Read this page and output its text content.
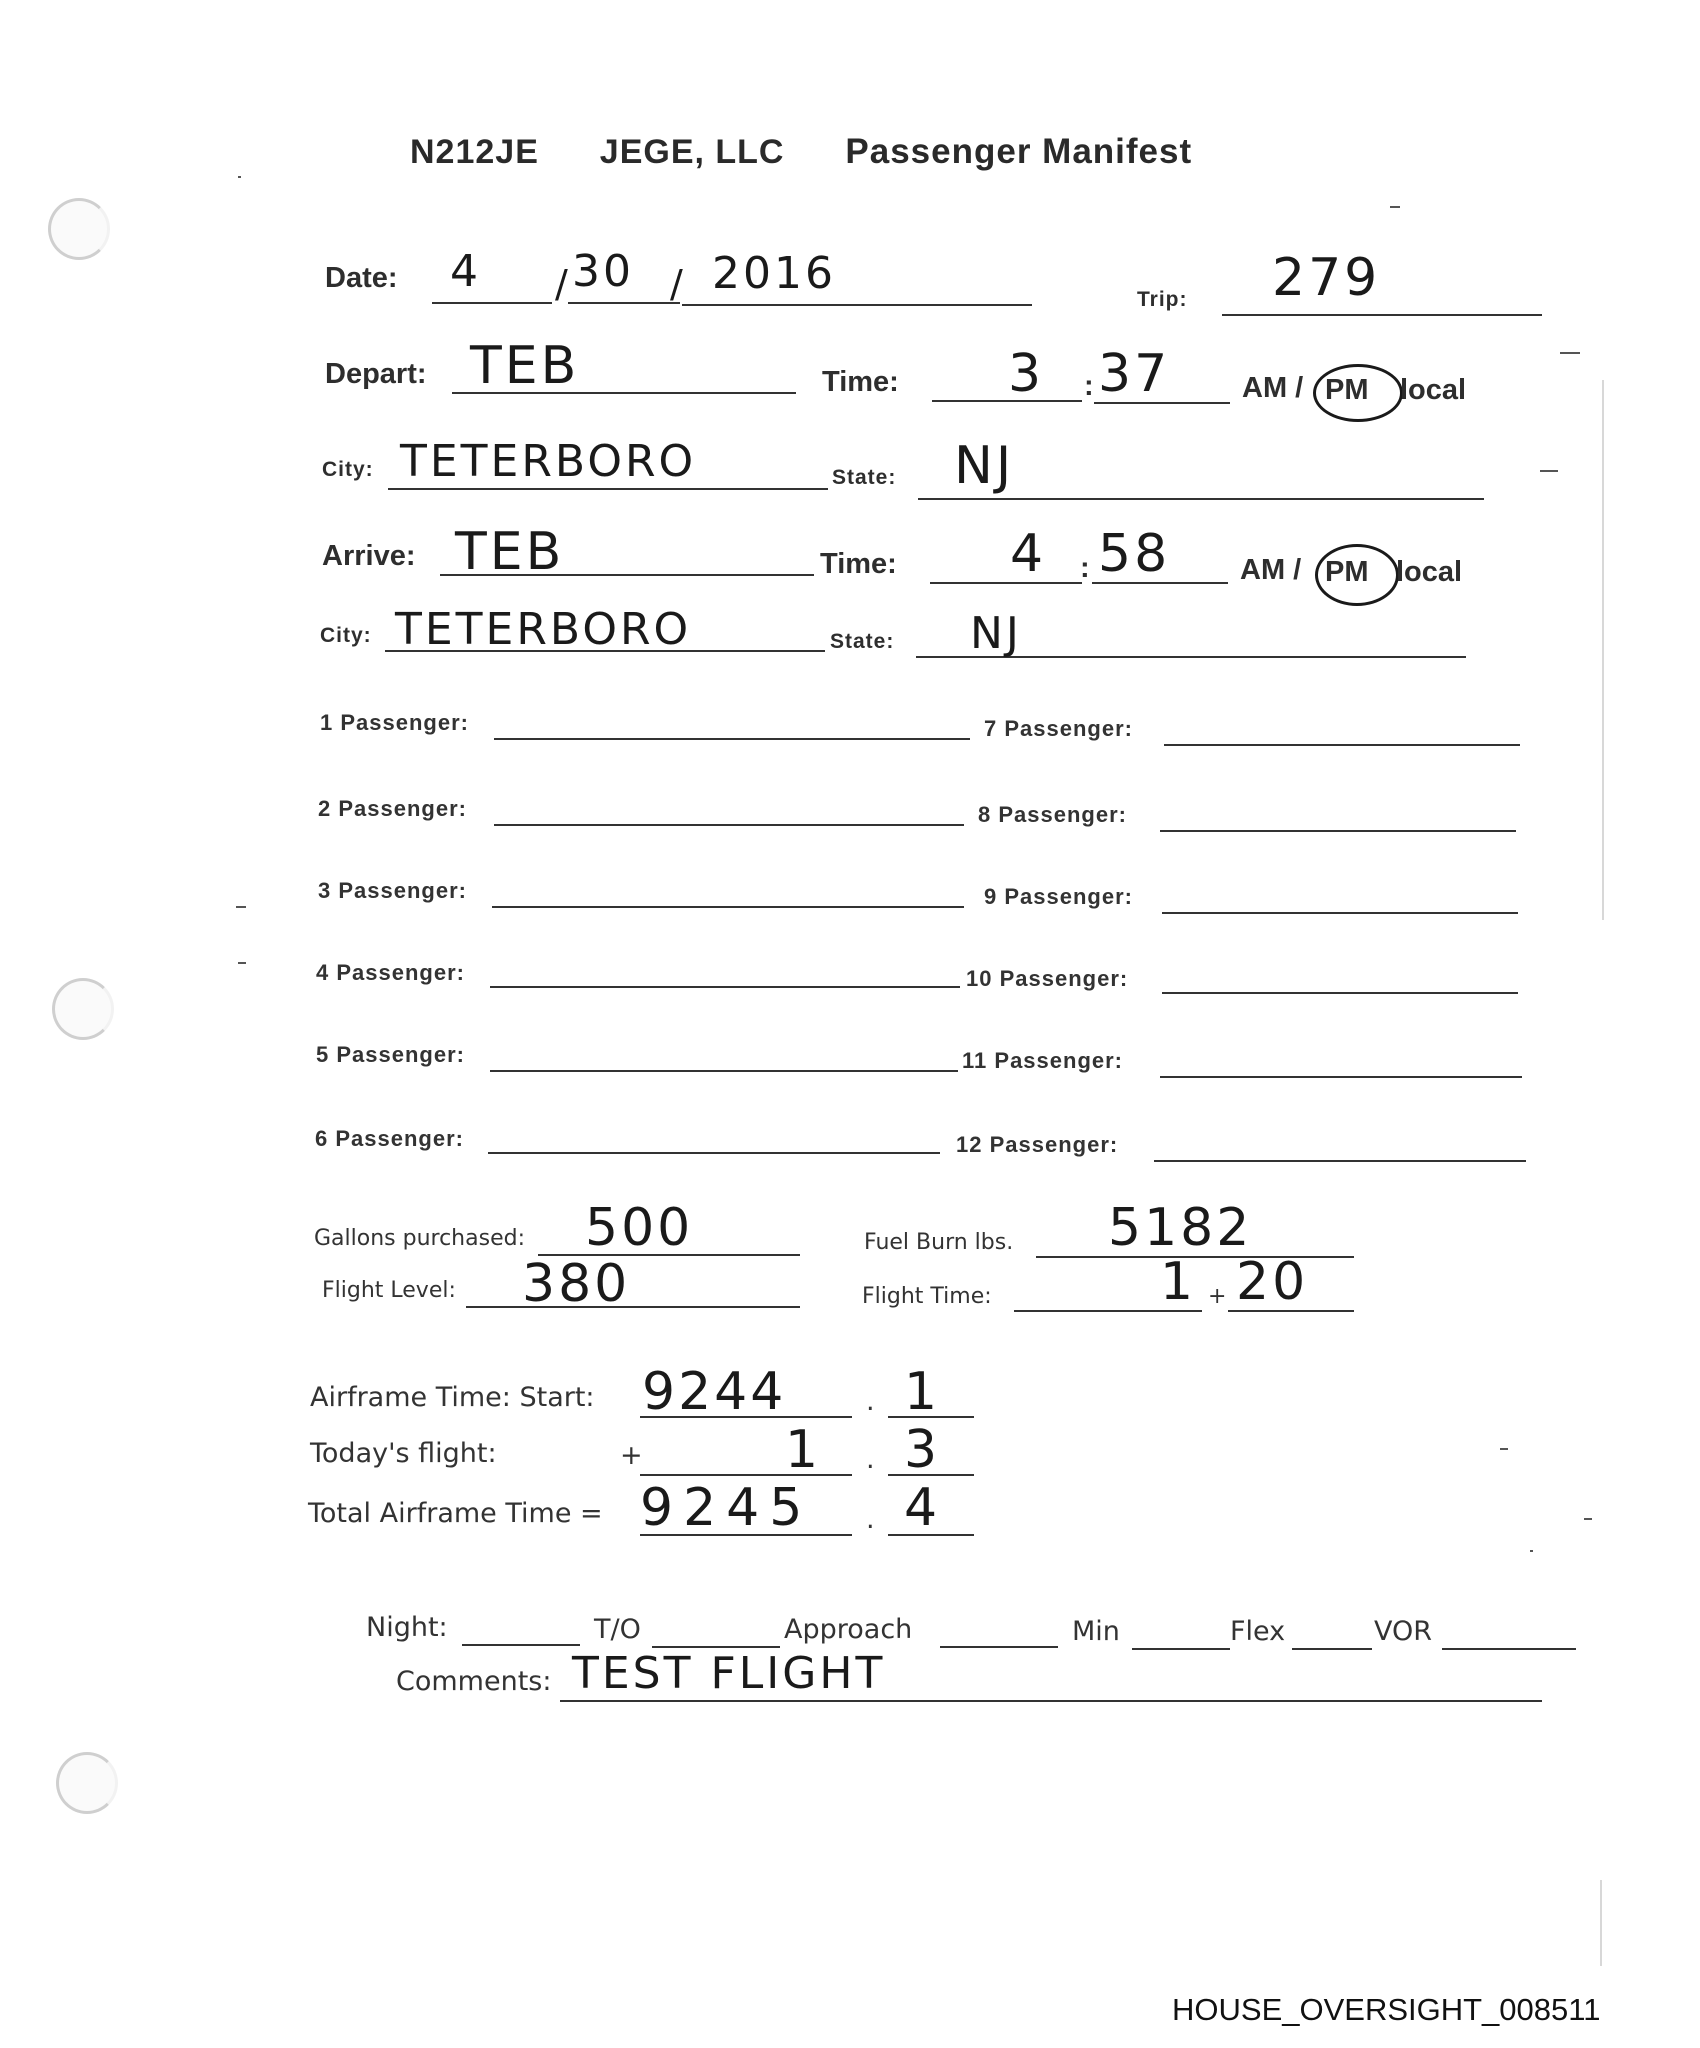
N212JE JEGE, LLC Passenger Manifest
Date: 4 / 30 / 2016
Trip: 279
Depart: TEB	Time: 3 : 37 AM / PM local
City: TETERBORO	State: NJ
Arrive: TEB	Time: 4 : 58 AM / PM local
City: TETERBORO	State: NJ
1 Passenger:
2 Passenger:
3 Passenger:
4 Passenger:
5 Passenger:
6 Passenger:
7 Passenger:
8 Passenger:
9 Passenger:
10 Passenger:
11 Passenger:
12 Passenger:
Gallons purchased: 500	Fuel Burn lbs. 5182
Flight Level: 380	Flight Time:	1 + 20
Airframe Time: Start: 9244	. 1
Today's flight:	+	1 . 3
Total Airframe Time = 9245 . 4
Night:	T/O	Approach	Min	Flex	VOR
Comments: TEST FLIGHT
HOUSE_OVERSIGHT_008511
